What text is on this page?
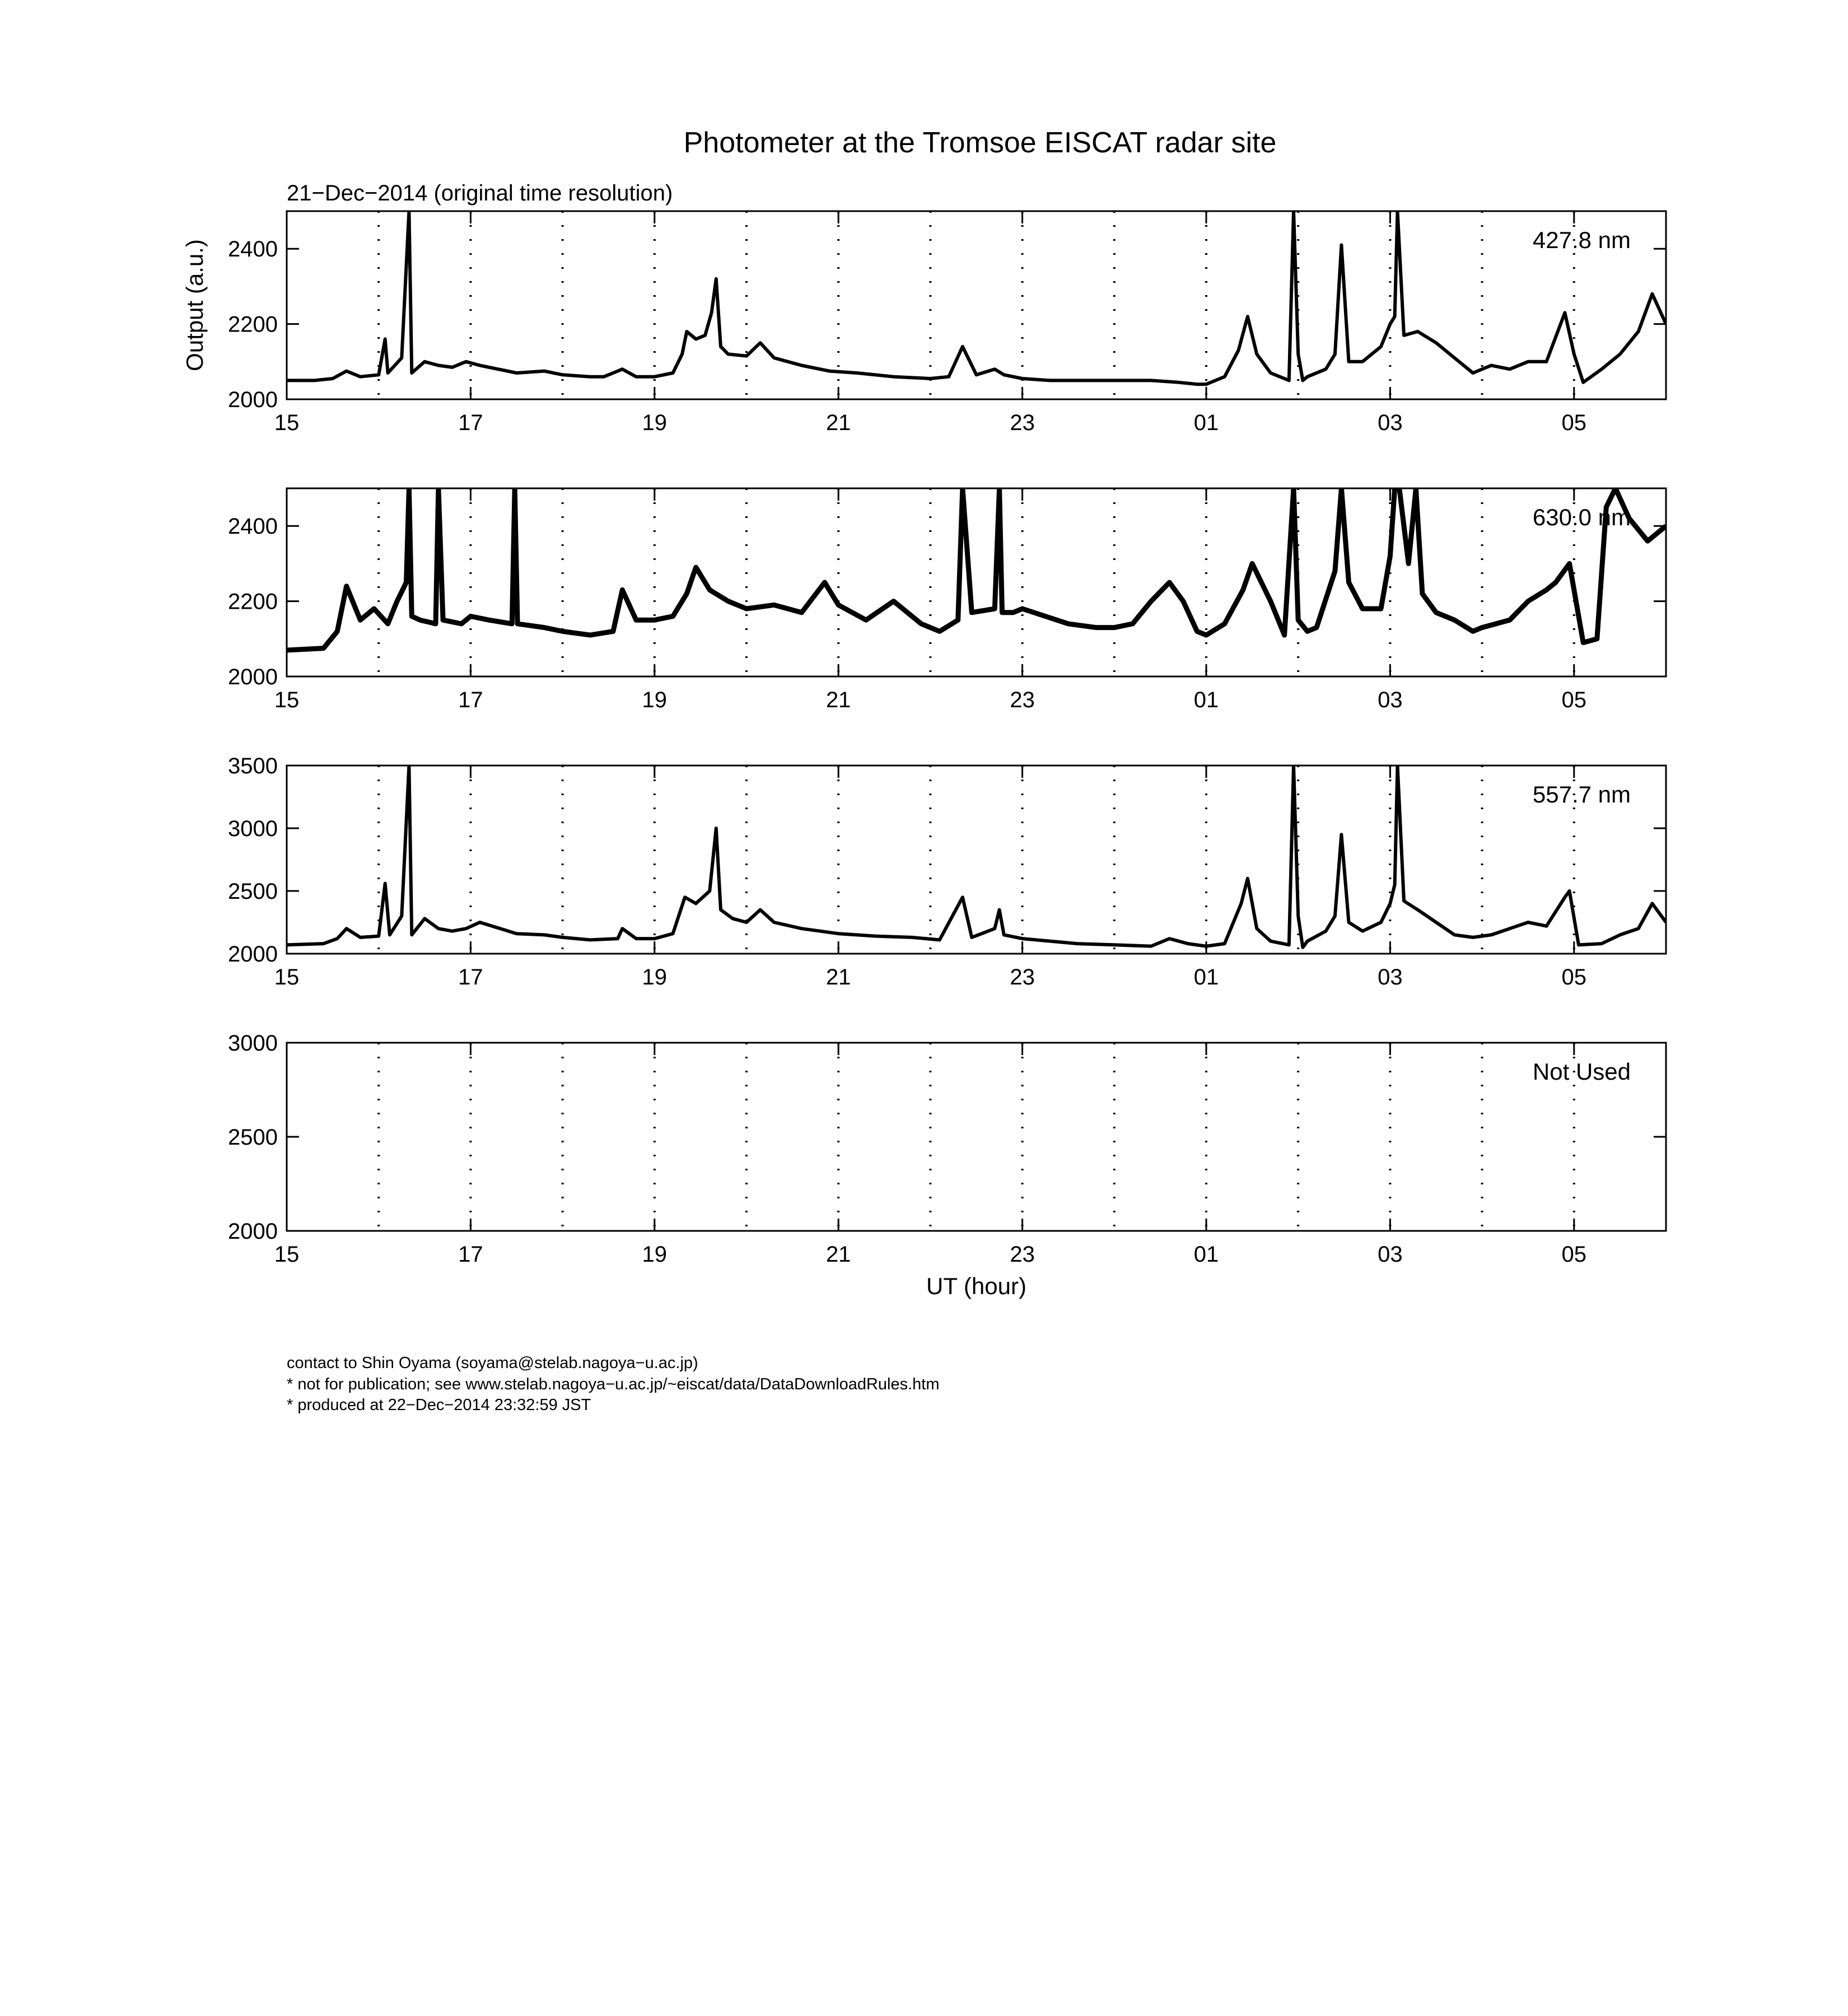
Photometer at the Tromsoe EISCAT radar site
21−Dec−2014 (original time resolution)
15	17	19	21	23	01	03	05
2000
2200
2400	427.8 nm
Output (a.u.)
15	17	19	21	23	01	03	05
2000
2200
2400	630.0 nm
15	17	19	21	23	01	03	05
2000
2500
3000
3500
557.7 nm
15	17	19	21	23	01	03	05
2000
2500
3000
Not Used
UT (hour)
contact to Shin Oyama (soyama@stelab.nagoya−u.ac.jp)
* not for publication; see www.stelab.nagoya−u.ac.jp/~eiscat/data/DataDownloadRules.htm
* produced at 22−Dec−2014 23:32:59 JST
